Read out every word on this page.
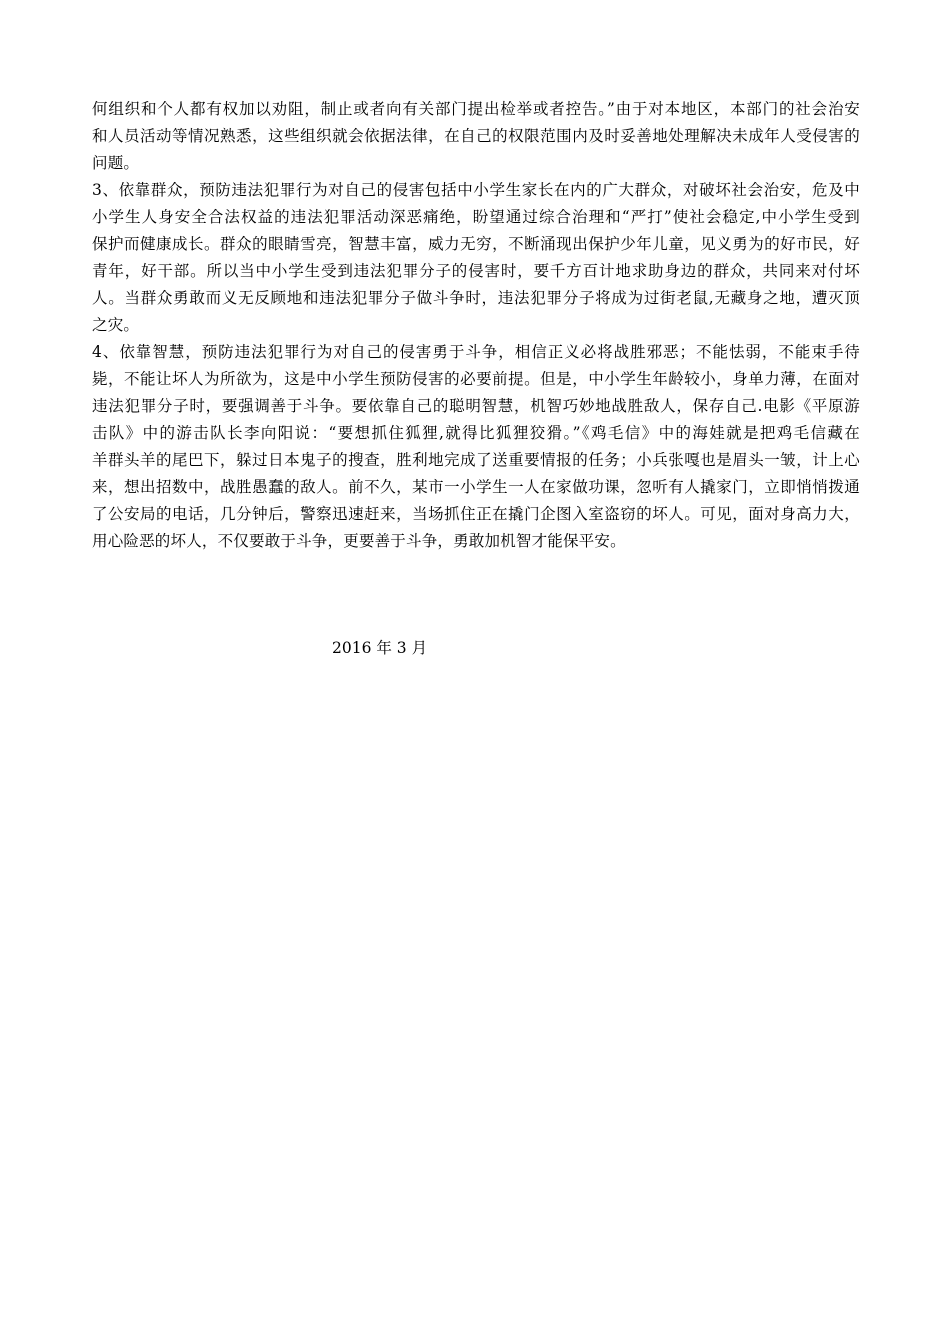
何组织和个人都有权加以劝阻，制止或者向有关部门提出检举或者控告。”由于对本地区，本部门的社会治安
和人员活动等情况熟悉，这些组织就会依据法律，在自己的权限范围内及时妥善地处理解决未成年人受侵害的
问题。
3、依靠群众，预防违法犯罪行为对自己的侵害包括中小学生家长在内的广大群众，对破坏社会治安，危及中
小学生人身安全合法权益的违法犯罪活动深恶痛绝，盼望通过综合治理和“严打”使社会稳定,中小学生受到
保护而健康成长。群众的眼睛雪亮，智慧丰富，威力无穷，不断涌现出保护少年儿童，见义勇为的好市民，好
青年，好干部。所以当中小学生受到违法犯罪分子的侵害时，要千方百计地求助身边的群众，共同来对付坏
人。当群众勇敢而义无反顾地和违法犯罪分子做斗争时，违法犯罪分子将成为过街老鼠,无藏身之地，遭灭顶
之灾。
4、依靠智慧，预防违法犯罪行为对自己的侵害勇于斗争，相信正义必将战胜邪恶；不能怯弱，不能束手待
毙，不能让坏人为所欲为，这是中小学生预防侵害的必要前提。但是，中小学生年龄较小，身单力薄，在面对
违法犯罪分子时，要强调善于斗争。要依靠自己的聪明智慧，机智巧妙地战胜敌人，保存自己.电影《平原游
击队》中的游击队长李向阳说：“要想抓住狐狸,就得比狐狸狡猾。”《鸡毛信》中的海娃就是把鸡毛信藏在
羊群头羊的尾巴下，躲过日本鬼子的搜查，胜利地完成了送重要情报的任务；小兵张嘎也是眉头一皱，计上心
来，想出招数中，战胜愚蠢的敌人。前不久，某市一小学生一人在家做功课，忽听有人撬家门，立即悄悄拨通
了公安局的电话，几分钟后，警察迅速赶来，当场抓住正在撬门企图入室盗窃的坏人。可见，面对身高力大，
用心险恶的坏人，不仅要敢于斗争，更要善于斗争，勇敢加机智才能保平安。
2016 年 3 月
